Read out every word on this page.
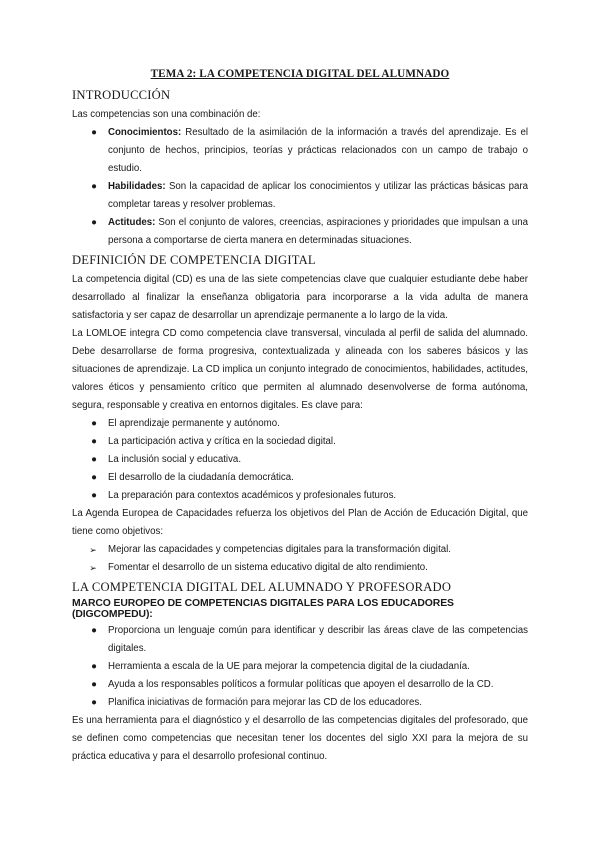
TEMA 2: LA COMPETENCIA DIGITAL DEL ALUMNADO
INTRODUCCIÓN

Las competencias son una combinación de:

● Conocimientos: Resultado de la asimilación de la información a través del aprendizaje. Es el conjunto de hechos, principios, teorías y prácticas relacionados con un campo de trabajo o estudio.
● Habilidades: Son la capacidad de aplicar los conocimientos y utilizar las prácticas básicas para completar tareas y resolver problemas.
● Actitudes: Son el conjunto de valores, creencias, aspiraciones y prioridades que impulsan a una persona a comportarse de cierta manera en determinadas situaciones.
DEFINICIÓN DE COMPETENCIA DIGITAL

La competencia digital (CD) es una de las siete competencias clave que cualquier estudiante debe haber desarrollado al finalizar la enseñanza obligatoria para incorporarse a la vida adulta de manera satisfactoria y ser capaz de desarrollar un aprendizaje permanente a lo largo de la vida.

La LOMLOE integra CD como competencia clave transversal, vinculada al perfil de salida del alumnado. Debe desarrollarse de forma progresiva, contextualizada y alineada con los saberes básicos y las situaciones de aprendizaje. La CD implica un conjunto integrado de conocimientos, habilidades, actitudes, valores éticos y pensamiento crítico que permiten al alumnado desenvolverse de forma autónoma, segura, responsable y creativa en entornos digitales. Es clave para:

● El aprendizaje permanente y autónomo.
● La participación activa y crítica en la sociedad digital.
● La inclusión social y educativa.
● El desarrollo de la ciudadanía democrática.
● La preparación para contextos académicos y profesionales futuros.

La Agenda Europea de Capacidades refuerza los objetivos del Plan de Acción de Educación Digital, que tiene como objetivos:

➢	Mejorar las capacidades y competencias digitales para la transformación digital.
➢	Fomentar el desarrollo de un sistema educativo digital de alto rendimiento.
LA COMPETENCIA DIGITAL DEL ALUMNADO Y PROFESORADO
MARCO EUROPEO DE COMPETENCIAS DIGITALES PARA LOS EDUCADORES (DIGCOMPEDU):
● Proporciona un lenguaje común para identificar y describir las áreas clave de las competencias digitales.
● Herramienta a escala de la UE para mejorar la competencia digital de la ciudadanía.
● Ayuda a los responsables políticos a formular políticas que apoyen el desarrollo de la CD.
● Planifica iniciativas de formación para mejorar las CD de los educadores.

Es una herramienta para el diagnóstico y el desarrollo de las competencias digitales del profesorado, que se definen como competencias que necesitan tener los docentes del siglo XXI para la mejora de su práctica educativa y para el desarrollo profesional continuo.
